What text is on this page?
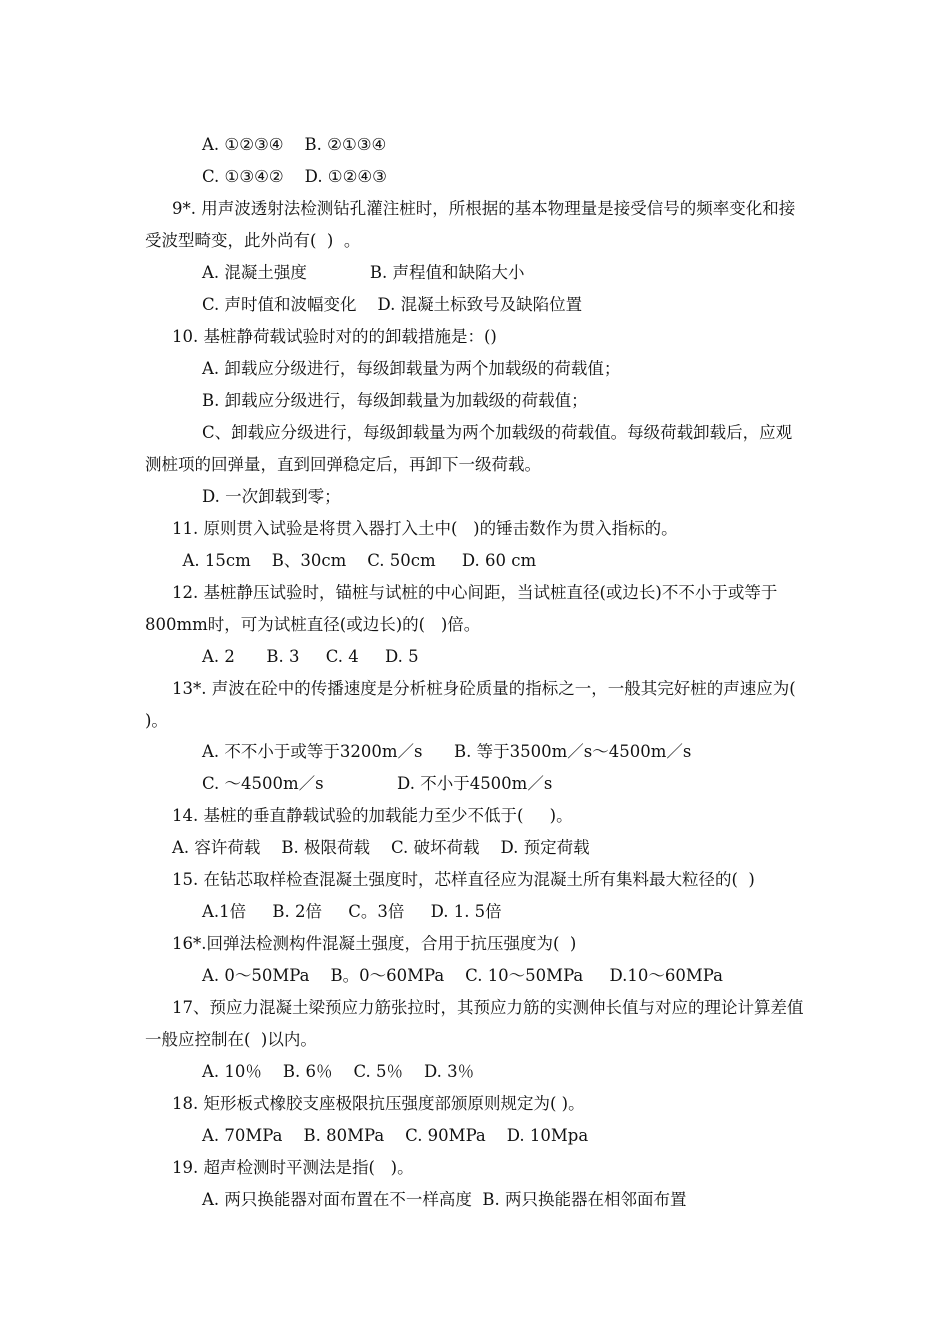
A. ①②③④    B. ②①③④
C. ①③④②    D. ①②④③
9*. 用声波透射法检测钻孔灌注桩时，所根据的基本物理量是接受信号的频率变化和接
受波型畸变，此外尚有(  )  。
A. 混凝土强度            B. 声程值和缺陷大小
C. 声时值和波幅变化    D. 混凝土标致号及缺陷位置
10. 基桩静荷载试验时对的的卸载措施是：()
A. 卸载应分级进行，每级卸载量为两个加载级的荷载值；
B. 卸载应分级进行，每级卸载量为加载级的荷载值；
C、卸载应分级进行，每级卸载量为两个加载级的荷载值。每级荷载卸载后，应观
测桩项的回弹量，直到回弹稳定后，再卸下一级荷载。
D. 一次卸载到零；
11. 原则贯入试验是将贯入器打入土中(   )的锤击数作为贯入指标的。
A. 15cm    B、30cm    C. 50cm     D. 60 cm
12. 基桩静压试验时，锚桩与试桩的中心间距，当试桩直径(或边长)不不小于或等于
800mm时，可为试桩直径(或边长)的(   )倍。
A. 2      B. 3     C. 4     D. 5
13*. 声波在砼中的传播速度是分析桩身砼质量的指标之一，一般其完好桩的声速应为(
)。
A. 不不小于或等于3200m／s      B. 等于3500m／s～4500m／s
C. ～4500m／s              D. 不小于4500m／s
14. 基桩的垂直静载试验的加载能力至少不低于(     )。
A. 容许荷载    B. 极限荷载    C. 破坏荷载    D. 预定荷载
15. 在钻芯取样检查混凝土强度时，芯样直径应为混凝土所有集料最大粒径的(  )
A.1倍     B. 2倍     C。3倍     D. 1. 5倍
16*.回弹法检测构件混凝土强度，合用于抗压强度为(  )
A. 0～50MPa    B。0～60MPa    C. 10～50MPa     D.10～60MPa
17、预应力混凝土梁预应力筋张拉时，其预应力筋的实测伸长值与对应的理论计算差值
一般应控制在(  )以内。
A. 10％    B. 6％    C. 5％    D. 3％
18. 矩形板式橡胶支座极限抗压强度部颁原则规定为( )。
A. 70MPa    B. 80MPa    C. 90MPa    D. 10Mpa
19. 超声检测时平测法是指(   )。
A. 两只换能器对面布置在不一样高度  B. 两只换能器在相邻面布置
